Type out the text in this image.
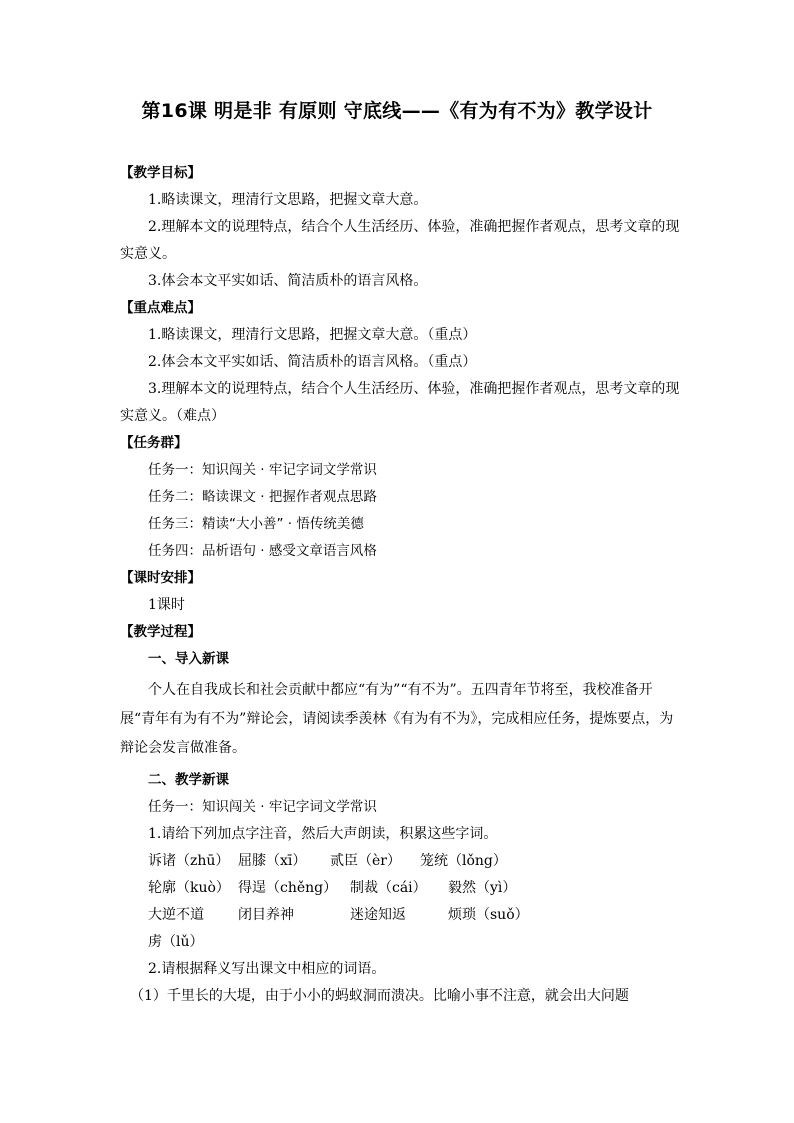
第16课 明是非 有原则 守底线——《有为有不为》教学设计
【教学目标】
1.略读课文，理清行文思路，把握文章大意。
2.理解本文的说理特点，结合个人生活经历、体验，准确把握作者观点，思考文章的现实意义。
3.体会本文平实如话、简洁质朴的语言风格。
【重点难点】
1.略读课文，理清行文思路，把握文章大意。（重点）
2.体会本文平实如话、简洁质朴的语言风格。（重点）
3.理解本文的说理特点，结合个人生活经历、体验，准确把握作者观点，思考文章的现实意义。（难点）
【任务群】
任务一：知识闯关 · 牢记字词文学常识
任务二：略读课文 · 把握作者观点思路
任务三：精读“大小善” · 悟传统美德
任务四：品析语句 · 感受文章语言风格
【课时安排】
1课时
【教学过程】
一、导入新课
个人在自我成长和社会贡献中都应“有为”“有不为”。五四青年节将至，我校准备开展“青年有为有不为”辩论会，请阅读季羡林《有为有不为》，完成相应任务，提炼要点，为辩论会发言做准备。
二、教学新课
任务一：知识闯关 · 牢记字词文学常识
1.请给下列加点字注音，然后大声朗读，积累这些字词。
诉诸（zhū） 屈膝（xī） 贰臣（èr） 笼统（lǒng）
轮廓（kuò） 得逞（chěng） 制裁（cái） 毅然（yì）
大逆不道 闭目养神	迷途知返	烦琐（suǒ）
虏（lǔ）
2.请根据释义写出课文中相应的词语。
（1）千里长的大堤，由于小小的蚂蚁洞而溃决。比喻小事不注意，就会出大问题
